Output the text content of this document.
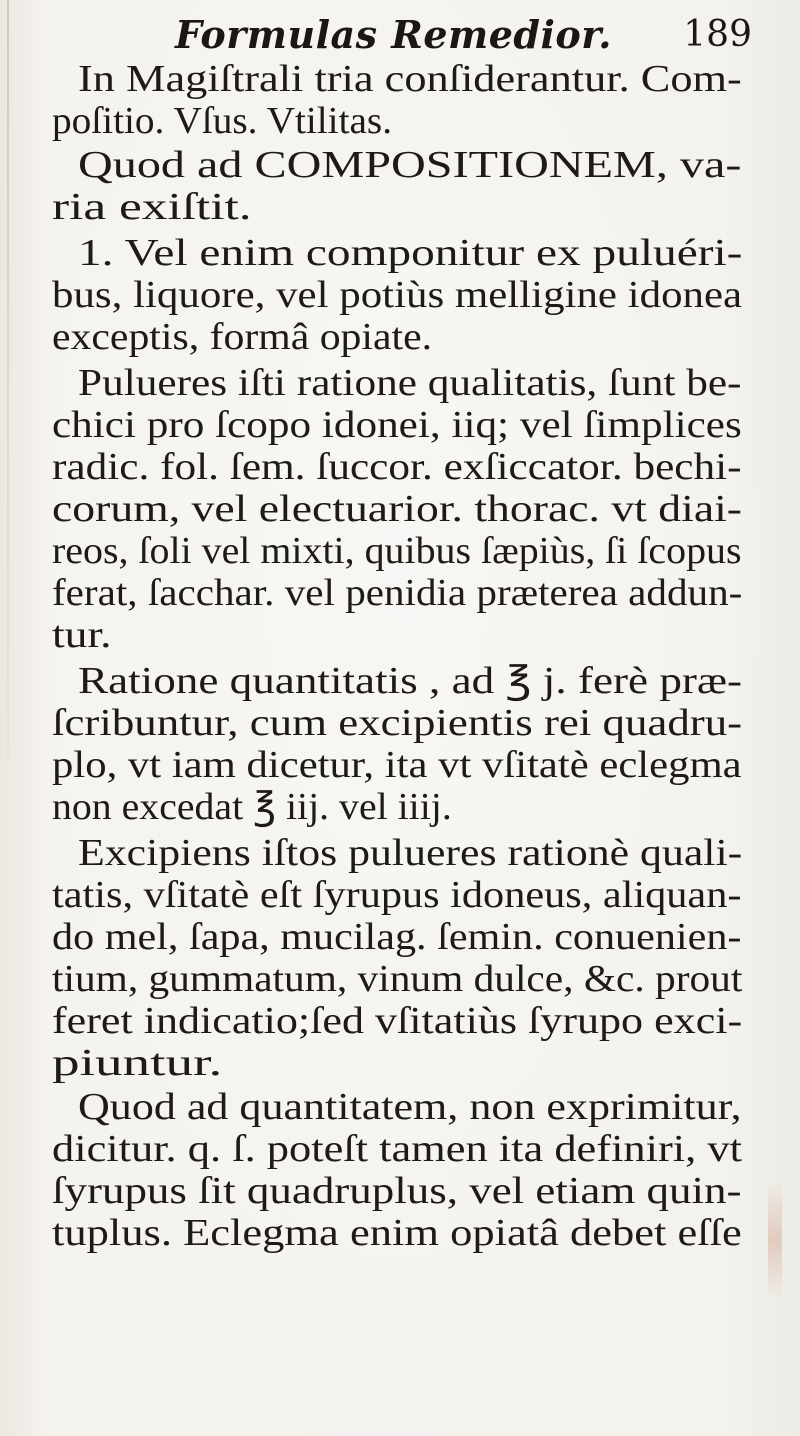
Formulas Remedior. 189
In Magiſtrali tria conſiderantur. Com-
poſitio. Vſus. Vtilitas.
Quod ad COMPOSITIONEM, va-
ria exiſtit.
1. Vel enim componitur ex puluéri-
bus, liquore, vel potiùs melligine idonea
exceptis, formâ opiate.
Pulueres iſti ratione qualitatis, ſunt be-
chici pro ſcopo idonei, iiq; vel ſimplices
radic. fol. ſem. ſuccor. exſiccator. bechi-
corum, vel electuarior. thorac. vt diai-
reos, ſoli vel mixti, quibus ſæpiùs, ſi ſcopus
ferat, ſacchar. vel penidia præterea addun-
tur.
Ratione quantitatis , ad ℥ j. ferè præ-
ſcribuntur, cum excipientis rei quadru-
plo, vt iam dicetur, ita vt vſitatè eclegma
non excedat ℥ iij. vel iiij.
Excipiens iſtos pulueres rationè quali-
tatis, vſitatè eſt ſyrupus idoneus, aliquan-
do mel, ſapa, mucilag. ſemin. conuenien-
tium, gummatum, vinum dulce, &c. prout
feret indicatio;ſed vſitatiùs ſyrupo exci-
piuntur.
Quod ad quantitatem, non exprimitur,
dicitur. q. ſ. poteſt tamen ita definiri, vt
ſyrupus ſit quadruplus, vel etiam quin-
tuplus. Eclegma enim opiatâ debet eſſe
